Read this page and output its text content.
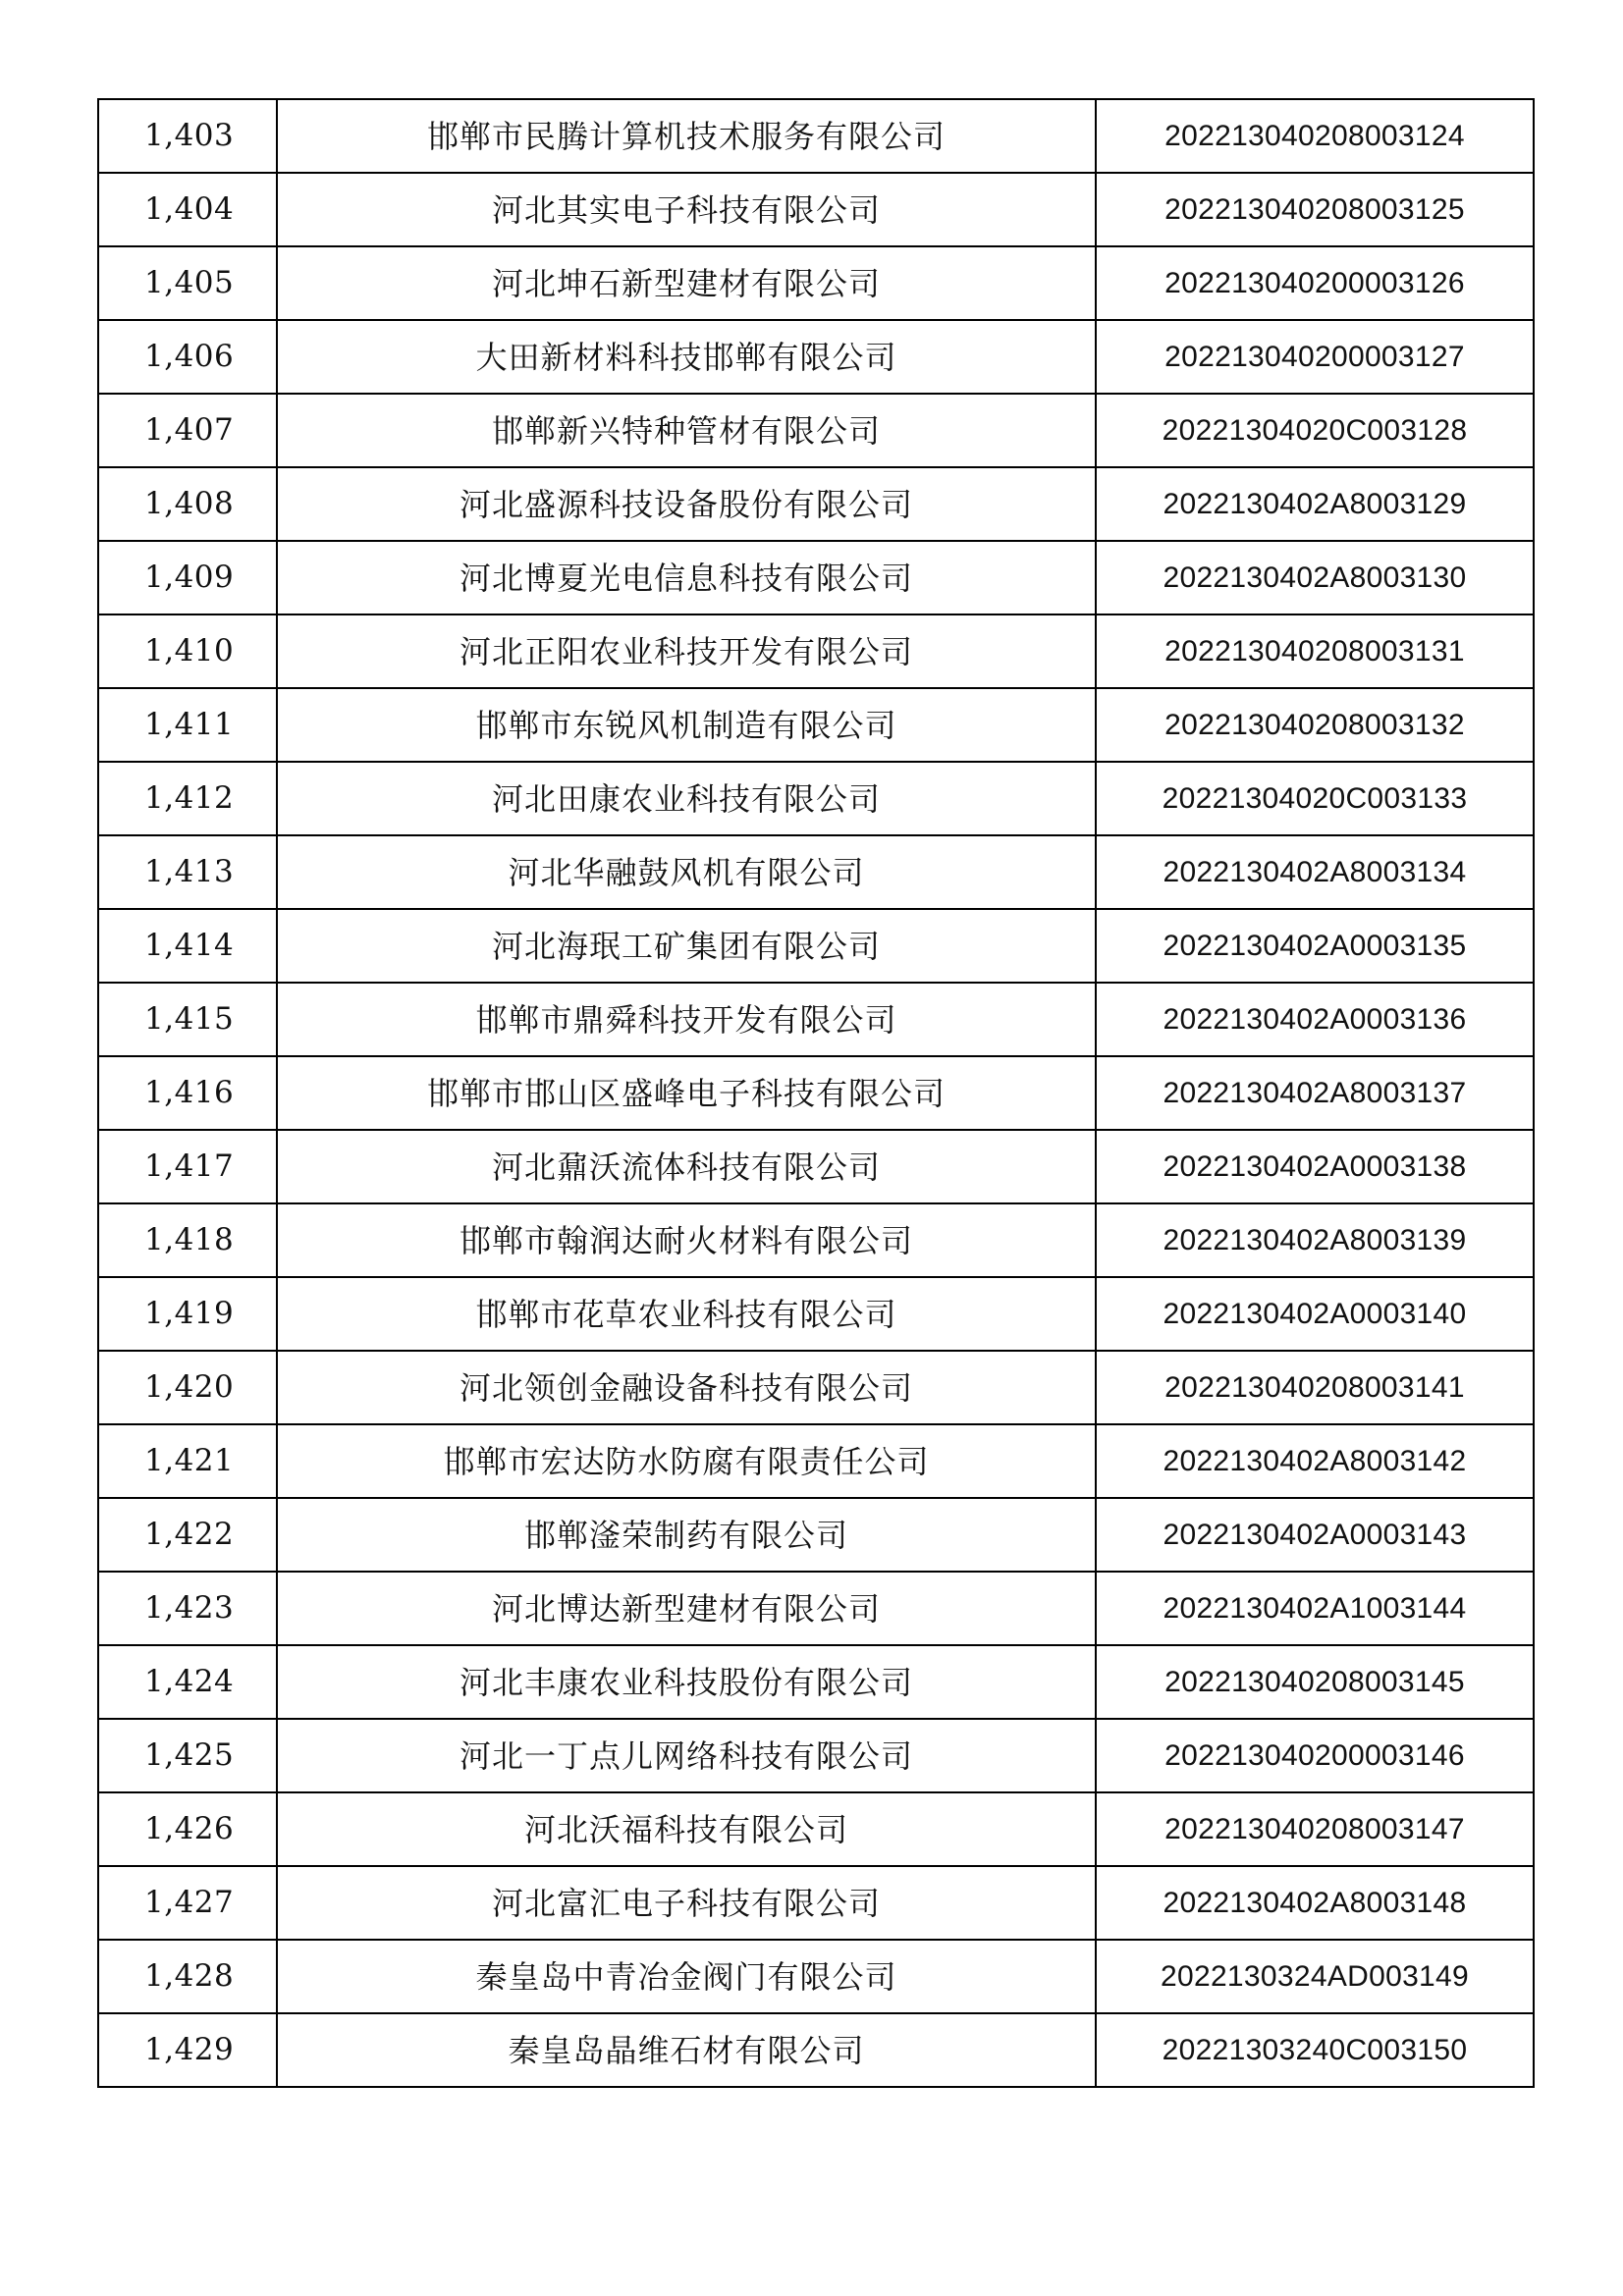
1,403	邯郸市民腾计算机技术服务有限公司	202213040208003124
1,404	河北其实电子科技有限公司	202213040208003125
1,405	河北坤石新型建材有限公司	202213040200003126
1,406	大田新材料科技邯郸有限公司	202213040200003127
1,407	邯郸新兴特种管材有限公司	20221304020C003128
1,408	河北盛源科技设备股份有限公司	2022130402A8003129
1,409	河北博夏光电信息科技有限公司	2022130402A8003130
1,410	河北正阳农业科技开发有限公司	202213040208003131
1,411	邯郸市东锐风机制造有限公司	202213040208003132
1,412	河北田康农业科技有限公司	20221304020C003133
1,413	河北华融鼓风机有限公司	2022130402A8003134
1,414	河北海珉工矿集团有限公司	2022130402A0003135
1,415	邯郸市鼎舜科技开发有限公司	2022130402A0003136
1,416	邯郸市邯山区盛峰电子科技有限公司	2022130402A8003137
1,417	河北鼐沃流体科技有限公司	2022130402A0003138
1,418	邯郸市翰润达耐火材料有限公司	2022130402A8003139
1,419	邯郸市花草农业科技有限公司	2022130402A0003140
1,420	河北领创金融设备科技有限公司	202213040208003141
1,421	邯郸市宏达防水防腐有限责任公司	2022130402A8003142
1,422	邯郸滏荣制药有限公司	2022130402A0003143
1,423	河北博达新型建材有限公司	2022130402A1003144
1,424	河北丰康农业科技股份有限公司	202213040208003145
1,425	河北一丁点儿网络科技有限公司	202213040200003146
1,426	河北沃福科技有限公司	202213040208003147
1,427	河北富汇电子科技有限公司	2022130402A8003148
1,428	秦皇岛中青冶金阀门有限公司	2022130324AD003149
1,429	秦皇岛晶维石材有限公司	20221303240C003150
